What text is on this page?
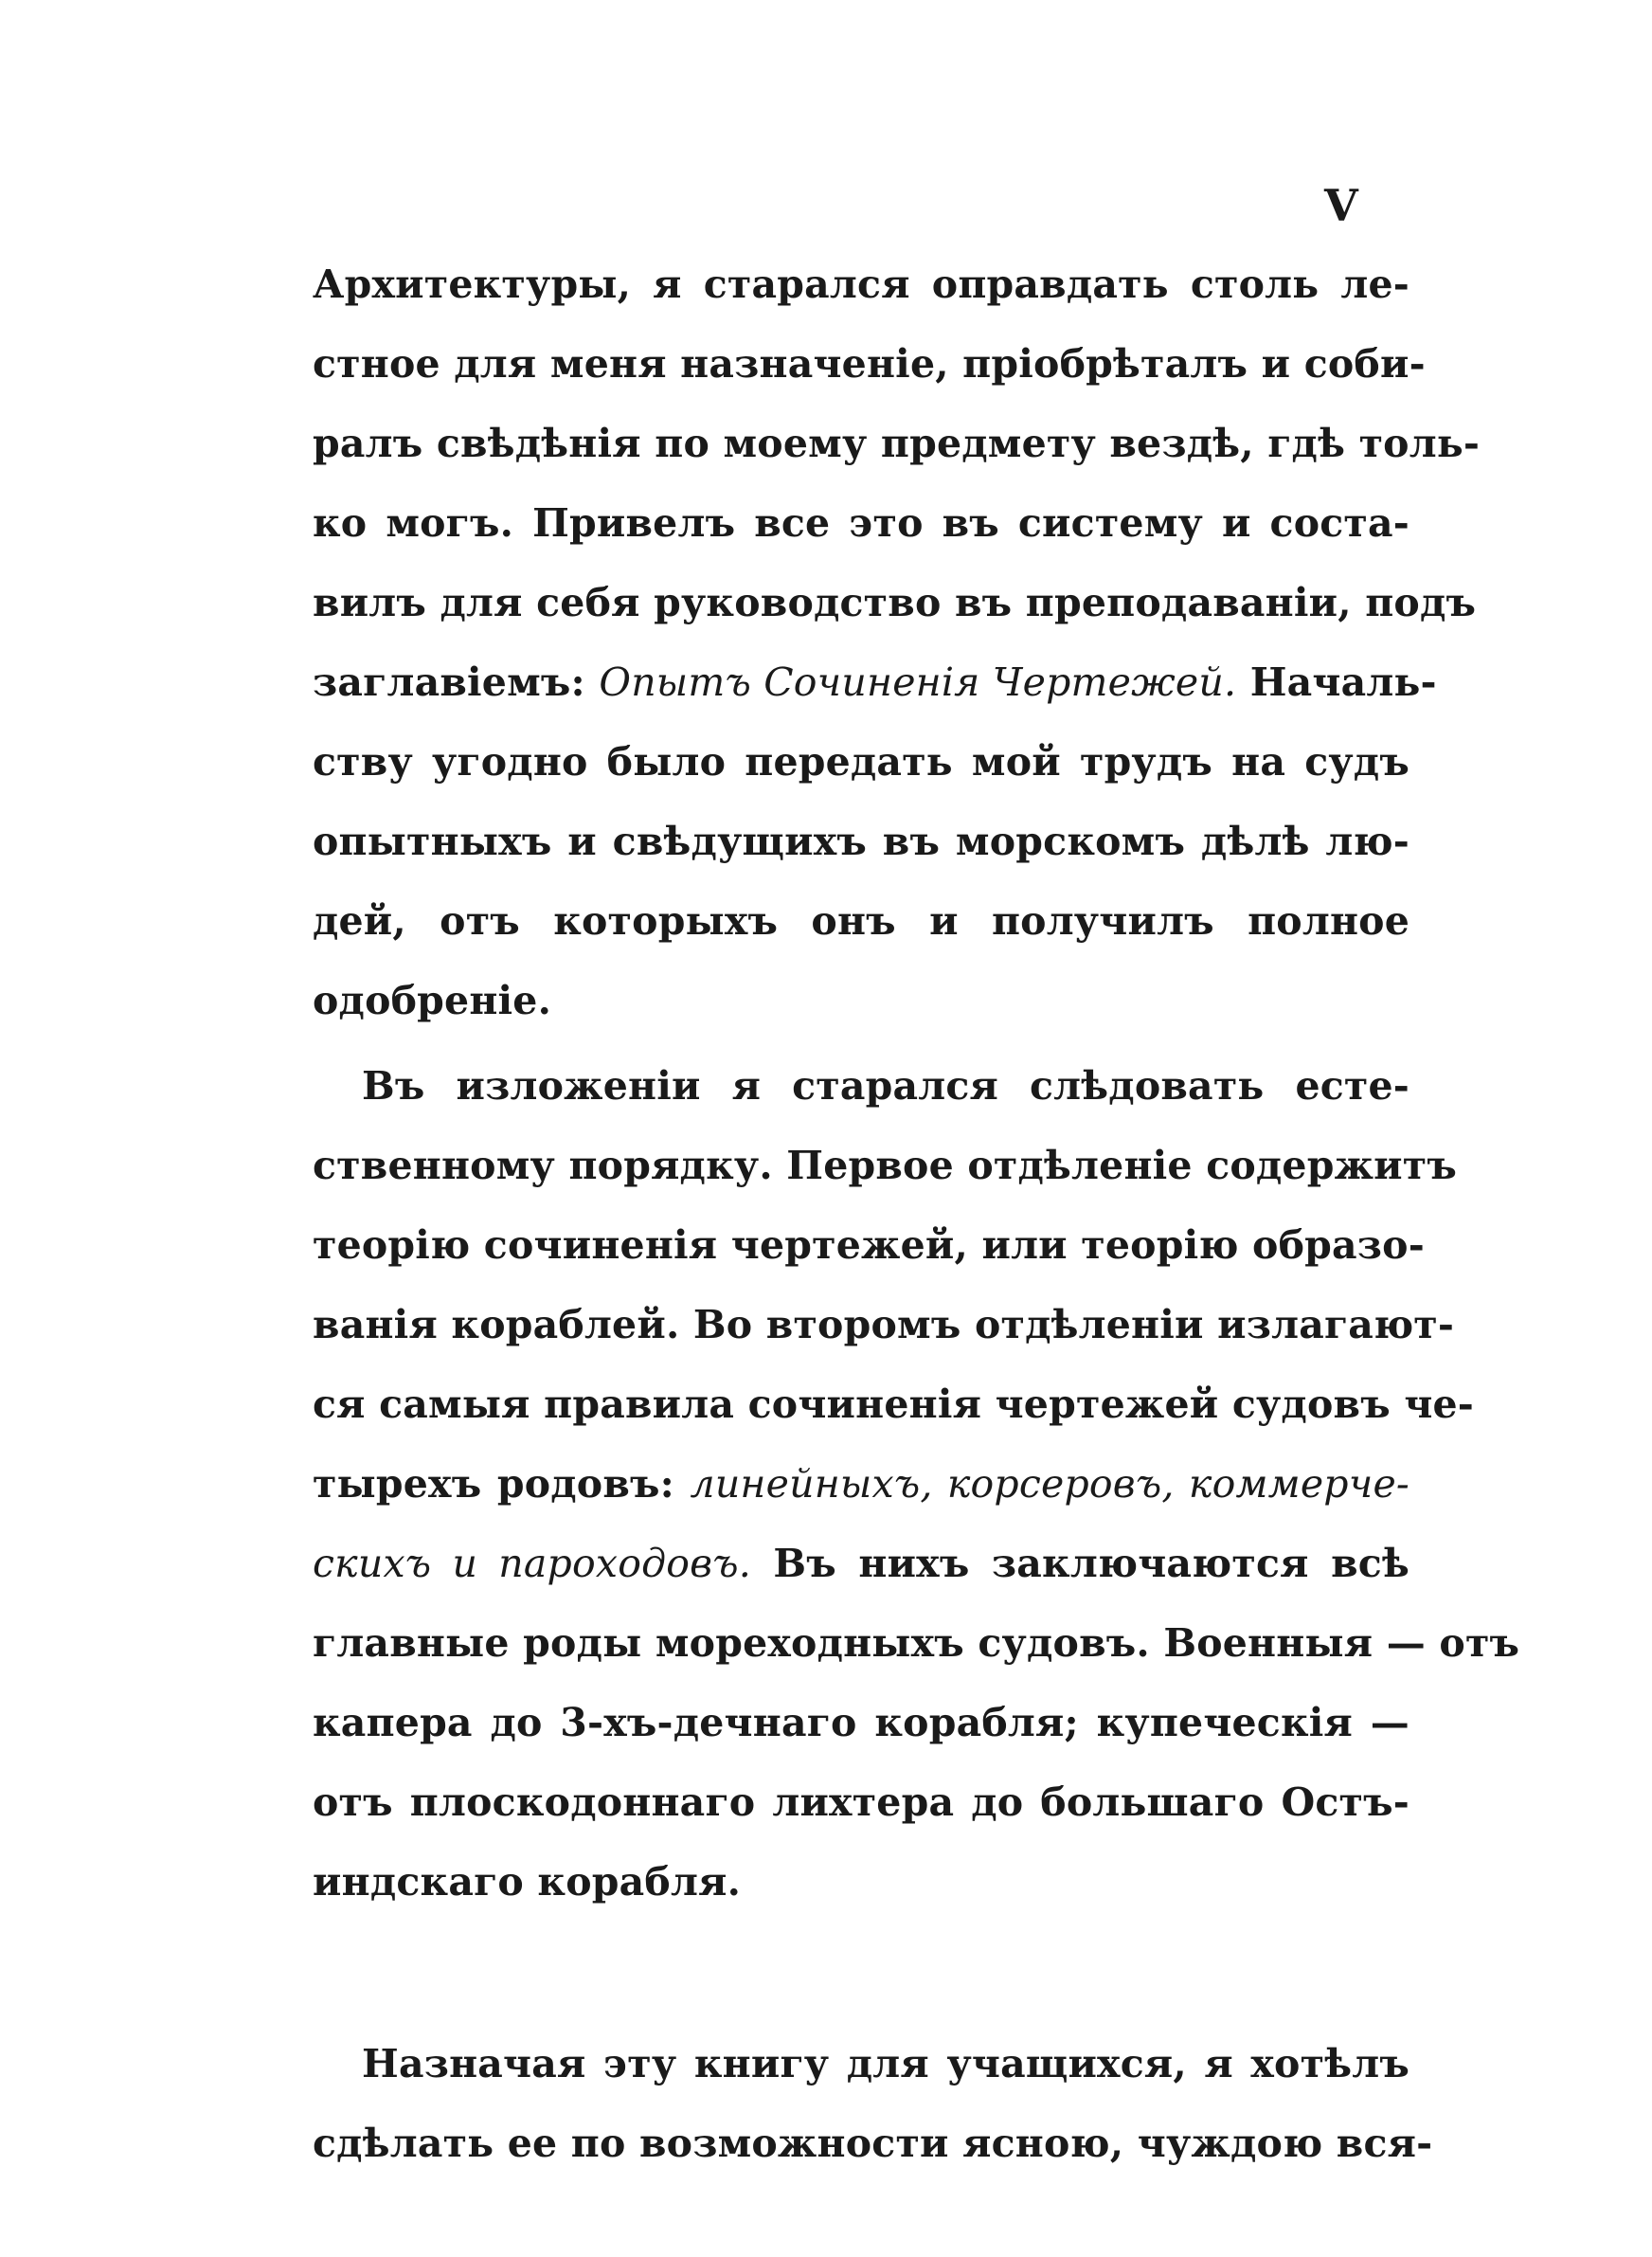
V
Архитектуры, я старался оправдать столь ле-
стное для меня назначеніе, пріобрѣталъ и соби-
ралъ свѣдѣнія по моему предмету вездѣ, гдѣ толь-
ко могъ. Привелъ все это въ систему и соста-
вилъ для себя руководство въ преподаваніи, подъ
заглавіемъ: Опытъ Сочиненія Чертежей. Началь-
ству угодно было передать мой трудъ на судъ
опытныхъ и свѣдущихъ въ морскомъ дѣлѣ лю-
дей, отъ которыхъ онъ и получилъ полное
одобреніе.
Въ изложеніи я старался слѣдовать есте-
ственному порядку. Первое отдѣленіе содержитъ
теорію сочиненія чертежей, или теорію образо-
ванія кораблей. Во второмъ отдѣленіи излагают-
ся самыя правила сочиненія чертежей судовъ че-
тырехъ родовъ: линейныхъ, корсеровъ, коммерче-
скихъ и пароходовъ. Въ нихъ заключаются всѣ
главные роды мореходныхъ судовъ. Военныя — отъ
капера до 3-хъ-дечнаго корабля; купеческія —
отъ плоскодоннаго лихтера до большаго Остъ-
индскаго корабля.
Назначая эту книгу для учащихся, я хотѣлъ
сдѣлать ее по возможности ясною, чуждою вся-
